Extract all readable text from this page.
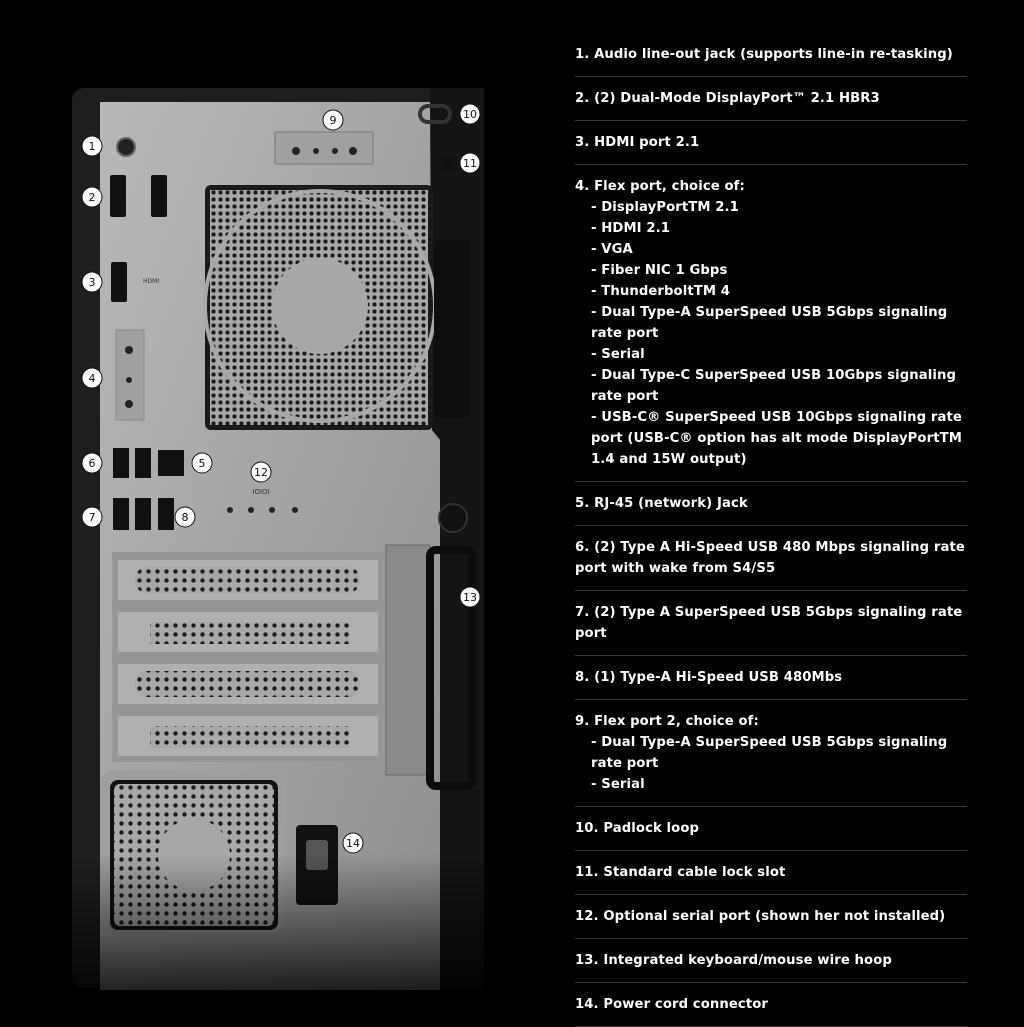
1
2
3
4
5
6
7	8
9	10
11
12
13
14
1. Audio line-out jack (supports line-in re-tasking)
2. (2) Dual-Mode DisplayPort™ 2.1 HBR3
3. HDMI port 2.1
4. Flex port, choice of:
- DisplayPortTM 2.1
- HDMI 2.1
- VGA
- Fiber NIC 1 Gbps
- ThunderboltTM 4
- Dual Type-A SuperSpeed USB 5Gbps signaling rate port
- Serial
- Dual Type-C SuperSpeed USB 10Gbps signaling rate port
- USB-C® SuperSpeed USB 10Gbps signaling rate port (USB-C® option has alt mode DisplayPortTM 1.4 and 15W output)
5. RJ-45 (network) Jack
6. (2) Type A Hi-Speed USB 480 Mbps signaling rate port with wake from S4/S5
7. (2) Type A SuperSpeed USB 5Gbps signaling rate port
8. (1) Type-A Hi-Speed USB 480Mbs
9. Flex port 2, choice of:
- Dual Type-A SuperSpeed USB 5Gbps signaling rate port
- Serial
10. Padlock loop
11. Standard cable lock slot
12. Optional serial port (shown her not installed)
13. Integrated keyboard/mouse wire hoop
14. Power cord connector
